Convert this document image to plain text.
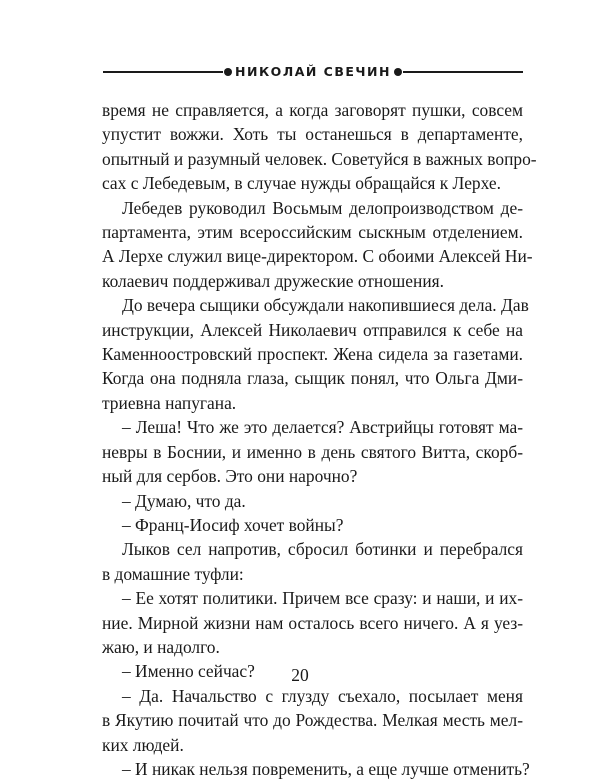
НИКОЛАЙ СВЕЧИН

время не справляется, а когда заговорят пушки, совсем

упустит вожжи. Хоть ты останешься в департаменте,

опытный и разумный человек. Советуйся в важных вопро-

сах с Лебедевым, в случае нужды обращайся к Лерхе.

Лебедев руководил Восьмым делопроизводством де-

партамента, этим всероссийским сыскным отделением.

А Лерхе служил вице-директором. С обоими Алексей Ни-

колаевич поддерживал дружеские отношения.

До вечера сыщики обсуждали накопившиеся дела. Дав

инструкции, Алексей Николаевич отправился к себе на

Каменноостровский проспект. Жена сидела за газетами.

Когда она подняла глаза, сыщик понял, что Ольга Дми-

триевна напугана.

– Леша! Что же это делается? Австрийцы готовят ма-

невры в Боснии, и именно в день святого Витта, скорб-

ный для сербов. Это они нарочно?

– Думаю, что да.

– Франц-Иосиф хочет войны?

Лыков сел напротив, сбросил ботинки и перебрался

в домашние туфли:

– Ее хотят политики. Причем все сразу: и наши, и их-

ние. Мирной жизни нам осталось всего ничего. А я уез-

жаю, и надолго.

– Именно сейчас?

– Да. Начальство с глузду съехало, посылает меня

в Якутию почитай что до Рождества. Мелкая месть мел-

ких людей.

– И никак нельзя повременить, а еще лучше отменить?

20
